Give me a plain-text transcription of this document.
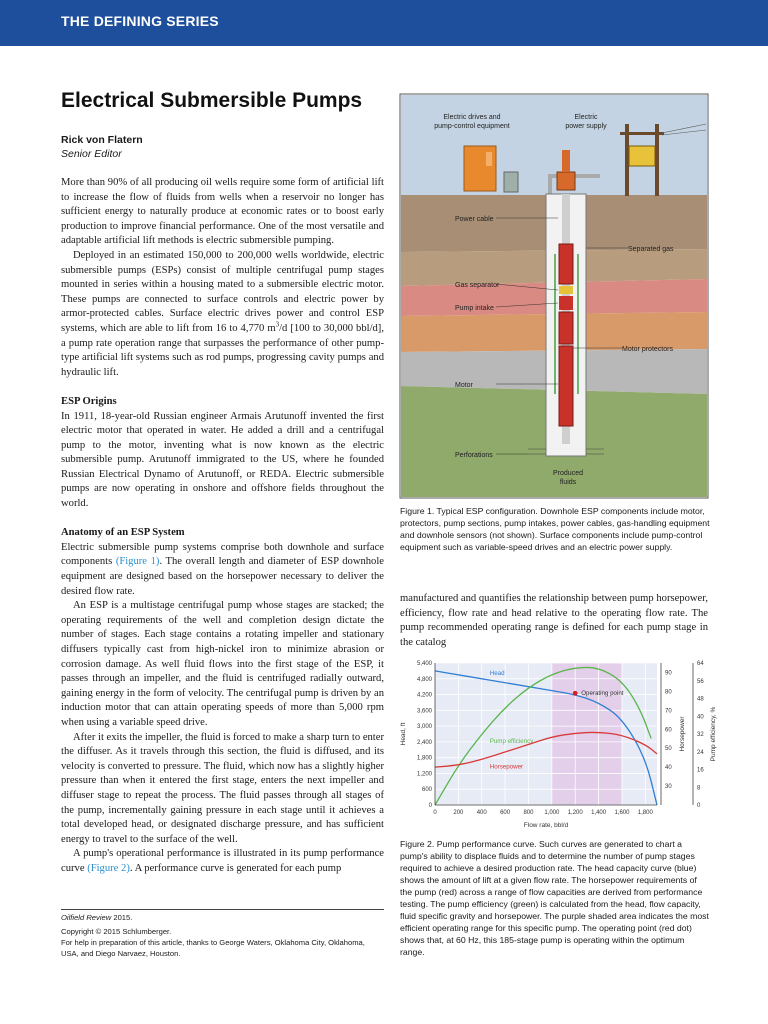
THE DEFINING SERIES
Electrical Submersible Pumps
Rick von Flatern
Senior Editor

More than 90% of all producing oil wells require some form of artificial lift to increase the flow of fluids from wells when a reservoir no longer has sufficient energy to naturally produce at economic rates or to boost early production to improve financial performance. One of the most versatile and adaptable artificial lift methods is electric submersible pumping.

Deployed in an estimated 150,000 to 200,000 wells worldwide, electric submersible pumps (ESPs) consist of multiple centrifugal pump stages mounted in series within a housing mated to a submersible electric motor. These pumps are connected to surface controls and electric power by armor-protected cables. Surface electric drives power and control ESP systems, which are able to lift from 16 to 4,770 $m^3/d$ [100 to 30,000 bbl/d], a pump rate operation range that surpasses the performance of other pump-type artificial lift systems such as rod pumps, progressing cavity pumps and hydraulic lift.

ESP Origins

In 1911, 18-year-old Russian engineer Armais Arutunoff invented the first electric motor that operated in water. He added a drill and a centrifugal pump to the motor, inventing what is now known as the electric submersible pump. Arutunoff immigrated to the US, where he founded Russian Electrical Dynamo of Arutunoff, or REDA. Electric submersible pumps are now operating in onshore and offshore fields throughout the world.

Anatomy of an ESP System

Electric submersible pump systems comprise both downhole and surface components (Figure 1). The overall length and diameter of ESP downhole equipment are designed based on the horsepower necessary to deliver the desired flow rate.

An ESP is a multistage centrifugal pump whose stages are stacked; the operating requirements of the well and completion design dictate the number of stages. Each stage contains a rotating impeller and stationary diffusers typically cast from high-nickel iron to minimize abrasion or corrosion damage. As well fluid flows into the first stage of the ESP, it passes through an impeller, and the fluid is centrifuged radially outward, gaining energy in the form of velocity. The centrifugal pump is driven by an induction motor that can attain operating speeds of more than 5,000 rpm when using a variable speed drive.

After it exits the impeller, the fluid is forced to make a sharp turn to enter the diffuser. As it travels through this section, the fluid is diffused, and its velocity is converted to pressure. The fluid, which now has a slightly higher pressure than when it entered the first stage, enters the next impeller and diffuser stage to repeat the process. The fluid passes through all stages of the pump, incrementally gaining pressure in each stage until it achieves a total developed head, or designated discharge pressure, and has sufficient energy to travel to the surface of the well.

A pump's operational performance is illustrated in its pump performance curve (Figure 2). A performance curve is generated for each pump

Oilfield Review 2015.
Copyright © 2015 Schlumberger.
For help in preparation of this article, thanks to George Waters, Oklahoma City, Oklahoma, USA, and Diego Narvaez, Houston.
Electric drives and
pump-control equipment
Electric
power supply
Power cable
Separated gas
Gas separator
Pump intake
Motor protectors
Motor
Perforations
Produced
fluids
Figure 1. Typical ESP configuration. Downhole ESP components include motor, protectors, pump sections, pump intakes, power cables, gas-handling equipment and downhole sensors (not shown). Surface components include pump-control equipment such as variable-speed drives and an electric power supply.
manufactured and quantifies the relationship between pump horsepower, efficiency, flow rate and head relative to the operating flow rate. The pump recommended operating range is defined for each pump stage in the catalog
Head
Pump efficiency
Horsepower
Operating point
0
600
1,200
1,800
2,400
3,000
3,600
4,200
4,800
5,400
0	200 400 600 800 1,000 1,200 1,400 1,600 1,800
30
40
50
60
70
80
90
0
8
16
24
32
40
48
56
64
Flow rate, bbl/d
Head, ft	Horsepower	Pump efficiency, %
Figure 2. Pump performance curve. Such curves are generated to chart a pump's ability to displace fluids and to determine the number of pump stages required to achieve a desired production rate. The head capacity curve (blue) shows the amount of lift at a given flow rate. The horsepower requirements of the pump (red) across a range of flow capacities are derived from performance testing. The pump efficiency (green) is calculated from the head, flow capacity, fluid specific gravity and horsepower. The purple shaded area indicates the most efficient operating range for this specific pump. The operating point (red dot) shows that, at 60 Hz, this 185-stage pump is operating within the optimum range.
